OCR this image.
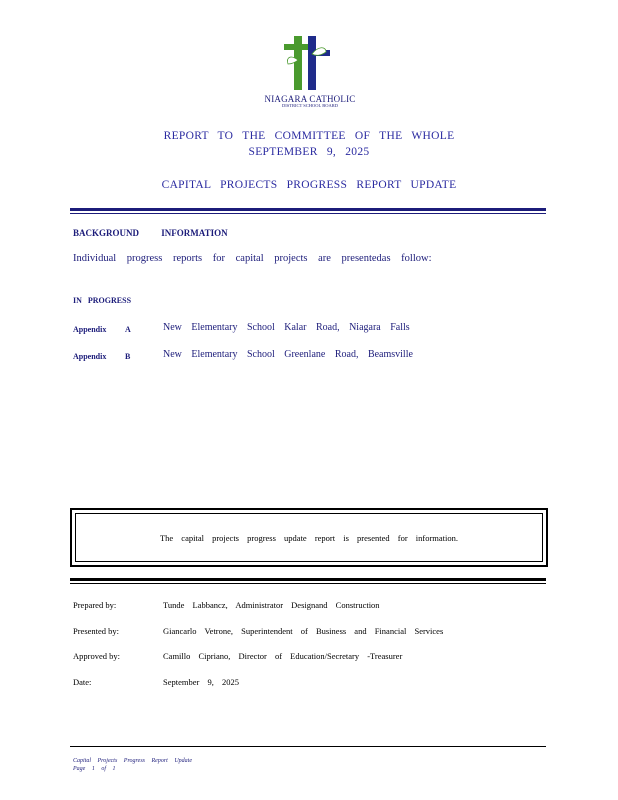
NIAGARA CATHOLIC
DISTRICT SCHOOL BOARD
REPORT TO THE COMMITTEE OF THE WHOLE
SEPTEMBER 9, 2025
CAPITAL PROJECTS PROGRESS REPORT UPDATE
BACKGROUND INFORMATION
Individual progress reports for capital projects are presentedas follow:
IN PROGRESS
Appendix A	New Elementary School Kalar Road, Niagara Falls
Appendix B	New Elementary School Greenlane Road, Beamsville
The capital projects progress update report is presented for information.
Prepared by:	Tunde Labbancz, Administrator Designand Construction
Presented by:	Giancarlo Vetrone, Superintendent of Business and Financial Services
Approved by:	Camillo Cipriano, Director of Education/Secretary -Treasurer
Date:	September 9, 2025
Capital Projects Progress Report Update
Page 1 of 1
